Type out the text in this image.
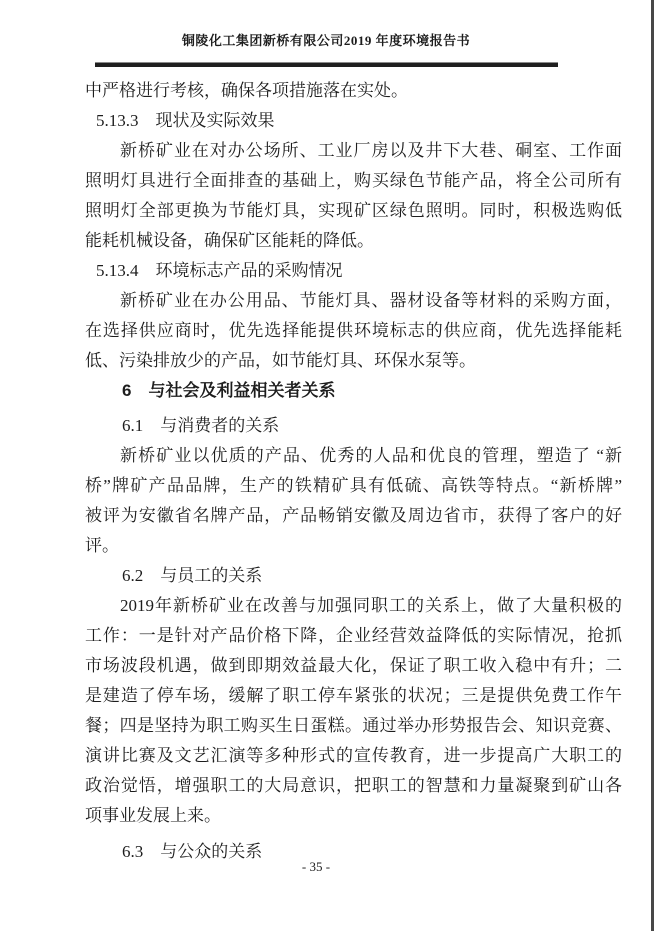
铜陵化工集团新桥有限公司2019 年度环境报告书
中严格进行考核，确保各项措施落在实处。
5.13.3　现状及实际效果
新桥矿业在对办公场所、工业厂房以及井下大巷、硐室、工作面
照明灯具进行全面排查的基础上，购买绿色节能产品，将全公司所有
照明灯全部更换为节能灯具，实现矿区绿色照明。同时，积极选购低
能耗机械设备，确保矿区能耗的降低。
5.13.4　环境标志产品的采购情况
新桥矿业在办公用品、节能灯具、器材设备等材料的采购方面，
在选择供应商时，优先选择能提供环境标志的供应商，优先选择能耗
低、污染排放少的产品，如节能灯具、环保水泵等。
6　与社会及利益相关者关系
6.1　与消费者的关系
新桥矿业以优质的产品、优秀的人品和优良的管理，塑造了 “新
桥”牌矿产品品牌，生产的铁精矿具有低硫、高铁等特点。“新桥牌”
被评为安徽省名牌产品，产品畅销安徽及周边省市，获得了客户的好
评。
6.2　与员工的关系
2019年新桥矿业在改善与加强同职工的关系上，做了大量积极的
工作：一是针对产品价格下降，企业经营效益降低的实际情况，抢抓
市场波段机遇，做到即期效益最大化，保证了职工收入稳中有升；二
是建造了停车场，缓解了职工停车紧张的状况；三是提供免费工作午
餐；四是坚持为职工购买生日蛋糕。通过举办形势报告会、知识竞赛、
演讲比赛及文艺汇演等多种形式的宣传教育，进一步提高广大职工的
政治觉悟，增强职工的大局意识，把职工的智慧和力量凝聚到矿山各
项事业发展上来。
6.3　与公众的关系
- 35 -
